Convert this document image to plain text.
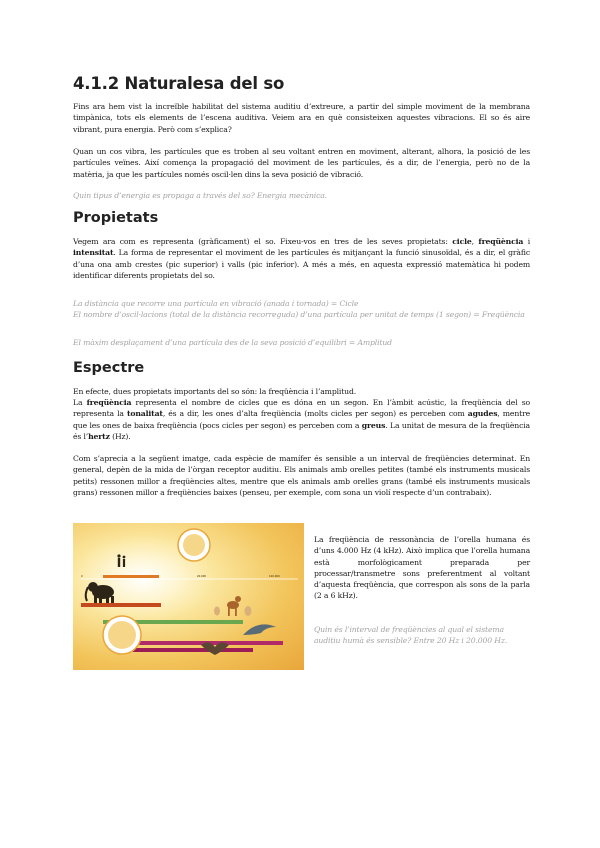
4.1.2 Naturalesa del so

Fins ara hem vist la increïble habilitat del sistema auditiu d’extreure, a partir del simple moviment de la membrana timpànica, tots els elements de l’escena auditiva. Veiem ara en què consisteixen aquestes vibracions. El so és aire vibrant, pura energia. Però com s’explica?

Quan un cos vibra, les partícules que es troben al seu voltant entren en moviment, alterant, alhora, la posició de les partícules veïnes. Així comença la propagació del moviment de les partícules, és a dir, de l’energia, però no de la matèria, ja que les partícules només oscil·len dins la seva posició de vibració.

Quin tipus d’energia es propaga a través del so? Energia mecànica.

Propietats

Vegem ara com es representa (gràficament) el so. Fixeu-vos en tres de les seves propietats: cicle, freqüència i intensitat. La forma de representar el moviment de les partícules és mitjançant la funció sinusoïdal, és a dir, el gràfic d’una ona amb crestes (pic superior) i valls (pic inferior). A més a més, en aquesta expressió matemàtica hi podem identificar diferents propietats del so.

La distància que recorre una partícula en vibració (anada i tornada) = Cicle

El nombre d’oscil·lacions (total de la distància recorreguda) d’una partícula per unitat de temps (1 segon) = Freqüència

El màxim desplaçament d’una partícula des de la seva posició d’equilibri = Amplitud

Espectre

En efecte, dues propietats importants del so són: la freqüència i l’amplitud.

La freqüència representa el nombre de cicles que es dóna en un segon. En l’àmbit acústic, la freqüència del so representa la tonalitat, és a dir, les ones d’alta freqüència (molts cicles per segon) es perceben com agudes, mentre que les ones de baixa freqüència (pocs cicles per segon) es perceben com a greus. La unitat de mesura de la freqüència és l’hertz (Hz).

Com s’aprecia a la següent imatge, cada espècie de mamífer és sensible a un interval de freqüències determinat. En general, depèn de la mida de l’òrgan receptor auditiu. Els animals amb orelles petites (també els instruments musicals petits) ressonen millor a freqüències altes, mentre que els animals amb orelles grans (també els instruments musicals grans) ressonen millor a freqüències baixes (penseu, per exemple, com sona un violí respecte d’un contrabaix).

0	20.000	100.000

La freqüència de ressonància de l’orella humana és d’uns 4.000 Hz (4 kHz). Això implica que l’orella humana està morfològicament preparada per processar/transmetre sons preferentment al voltant d’aquesta freqüència, que correspon als sons de la parla (2 a 6 kHz).

Quin és l’interval de freqüències al qual el sistema auditiu humà és sensible? Entre 20 Hz i 20.000 Hz.
